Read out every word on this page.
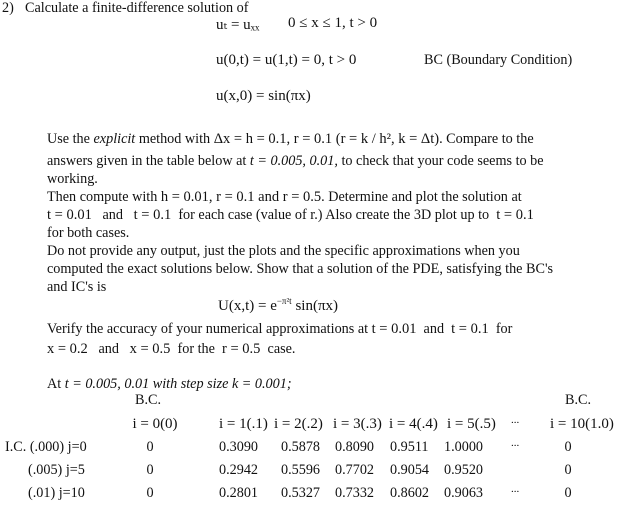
2) Calculate a finite-difference solution of
uₜ = uₓₓ 0 ≤ x ≤ 1, t > 0
u(0,t) = u(1,t) = 0, t > 0	BC (Boundary Condition)
u(x,0) = sin(πx)
Use the explicit method with Δx = h = 0.1, r = 0.1 (r = k / h², k = Δt). Compare to the
answers given in the table below at t = 0.005, 0.01, to check that your code seems to be
working.
Then compute with h = 0.01, r = 0.1 and r = 0.5. Determine and plot the solution at
t = 0.01   and   t = 0.1  for each case (value of r.) Also create the 3D plot up to  t = 0.1
for both cases.
Do not provide any output, just the plots and the specific approximations when you
computed the exact solutions below. Show that a solution of the PDE, satisfying the BC's
and IC's is
$U(x,t) = e^{-\pi^2t}$ sin(πx)
Verify the accuracy of your numerical approximations at t = 0.01  and  t = 0.1  for
x = 0.2   and   x = 0.5  for the  r = 0.5  case.
At t = 0.005, 0.01 with step size k = 0.001;
B.C.	B.C.
i = 0(0)	i = 1(.1) i = 2(.2) i = 3(.3) i = 4(.4) i = 5(.5) ... i = 10(1.0)
I.C. (.000) j=0	0	0.3090 0.5878 0.8090 0.9511 1.0000	...	0
(.005) j=5	0	0.2942 0.5596 0.7702 0.9054 0.9520	0
(.01) j=10	0	0.2801 0.5327 0.7332 0.8602 0.9063	...	0
